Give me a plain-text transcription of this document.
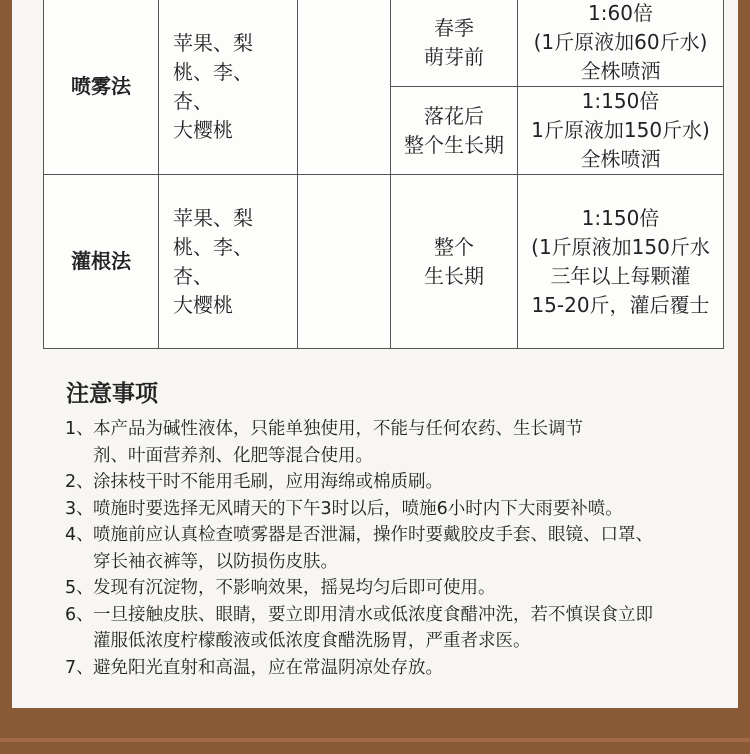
喷雾法	苹果、梨
桃、李、
杏、
大樱桃		春季
萌芽前	1:60倍
(1斤原液加60斤水)
全株喷洒

			落花后
整个生长期	1:150倍
1斤原液加150斤水)
全株喷洒

灌根法	苹果、梨
桃、李、
杏、
大樱桃		整个
生长期	1:150倍
(1斤原液加150斤水
三年以上每颗灌
15-20斤，灌后覆士
注意事项
1、本产品为碱性液体，只能单独使用，不能与任何农药、生长调节
剂、叶面营养剂、化肥等混合使用。
2、涂抹枝干时不能用毛刷，应用海绵或棉质刷。
3、喷施时要选择无风晴天的下午3时以后，喷施6小时内下大雨要补喷。
4、喷施前应认真检查喷雾器是否泄漏，操作时要戴胶皮手套、眼镜、口罩、
穿长袖衣裤等，以防损伤皮肤。
5、发现有沉淀物，不影响效果，摇晃均匀后即可使用。
6、一旦接触皮肤、眼睛，要立即用清水或低浓度食醋冲洗，若不慎误食立即
灌服低浓度柠檬酸液或低浓度食醋洗肠胃，严重者求医。
7、避免阳光直射和高温，应在常温阴凉处存放。
